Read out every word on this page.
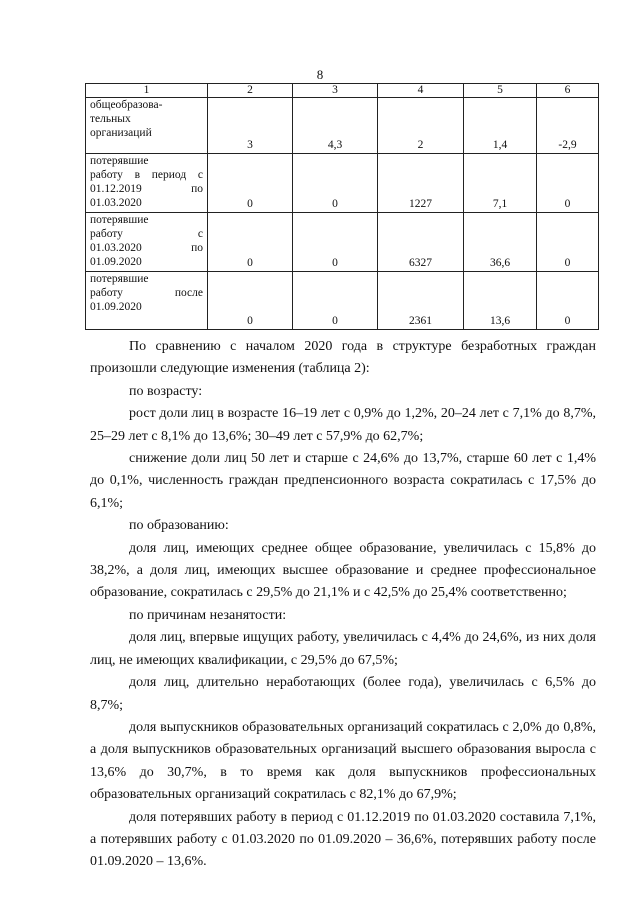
8
1	2	3	4	5	6

общеобразова-
тельных
организаций	3	4,3	2	1,4	-2,9

потерявшие
работу в период с
01.12.2019 по
01.03.2020	0	0	1227	7,1	0

потерявшие
работу с
01.03.2020 по
01.09.2020	0	0	6327	36,6	0

потерявшие
работу после
01.09.2020	0	0	2361	13,6	0

По сравнению с началом 2020 года в структуре безработных граждан произошли следующие изменения (таблица 2):

по возрасту:

рост доли лиц в возрасте 16–19 лет с 0,9% до 1,2%, 20–24 лет с 7,1% до 8,7%, 25–29 лет с 8,1% до 13,6%; 30–49 лет с 57,9% до 62,7%;

снижение доли лиц 50 лет и старше с 24,6% до 13,7%, старше 60 лет с 1,4% до 0,1%, численность граждан предпенсионного возраста сократилась с 17,5% до 6,1%;

по образованию:

доля лиц, имеющих среднее общее образование, увеличилась с 15,8% до 38,2%, а доля лиц, имеющих высшее образование и среднее профессиональное образование, сократилась с 29,5% до 21,1% и с 42,5% до 25,4% соответственно;

по причинам незанятости:

доля лиц, впервые ищущих работу, увеличилась с 4,4% до 24,6%, из них доля лиц, не имеющих квалификации, с 29,5% до 67,5%;

доля лиц, длительно неработающих (более года), увеличилась с 6,5% до 8,7%;

доля выпускников образовательных организаций сократилась с 2,0% до 0,8%, а доля выпускников образовательных организаций высшего образования выросла с 13,6% до 30,7%, в то время как доля выпускников профессиональных образовательных организаций сократилась с 82,1% до 67,9%;

доля потерявших работу в период с 01.12.2019 по 01.03.2020 составила 7,1%, а потерявших работу с 01.03.2020 по 01.09.2020 – 36,6%, потерявших работу после 01.09.2020 – 13,6%.
